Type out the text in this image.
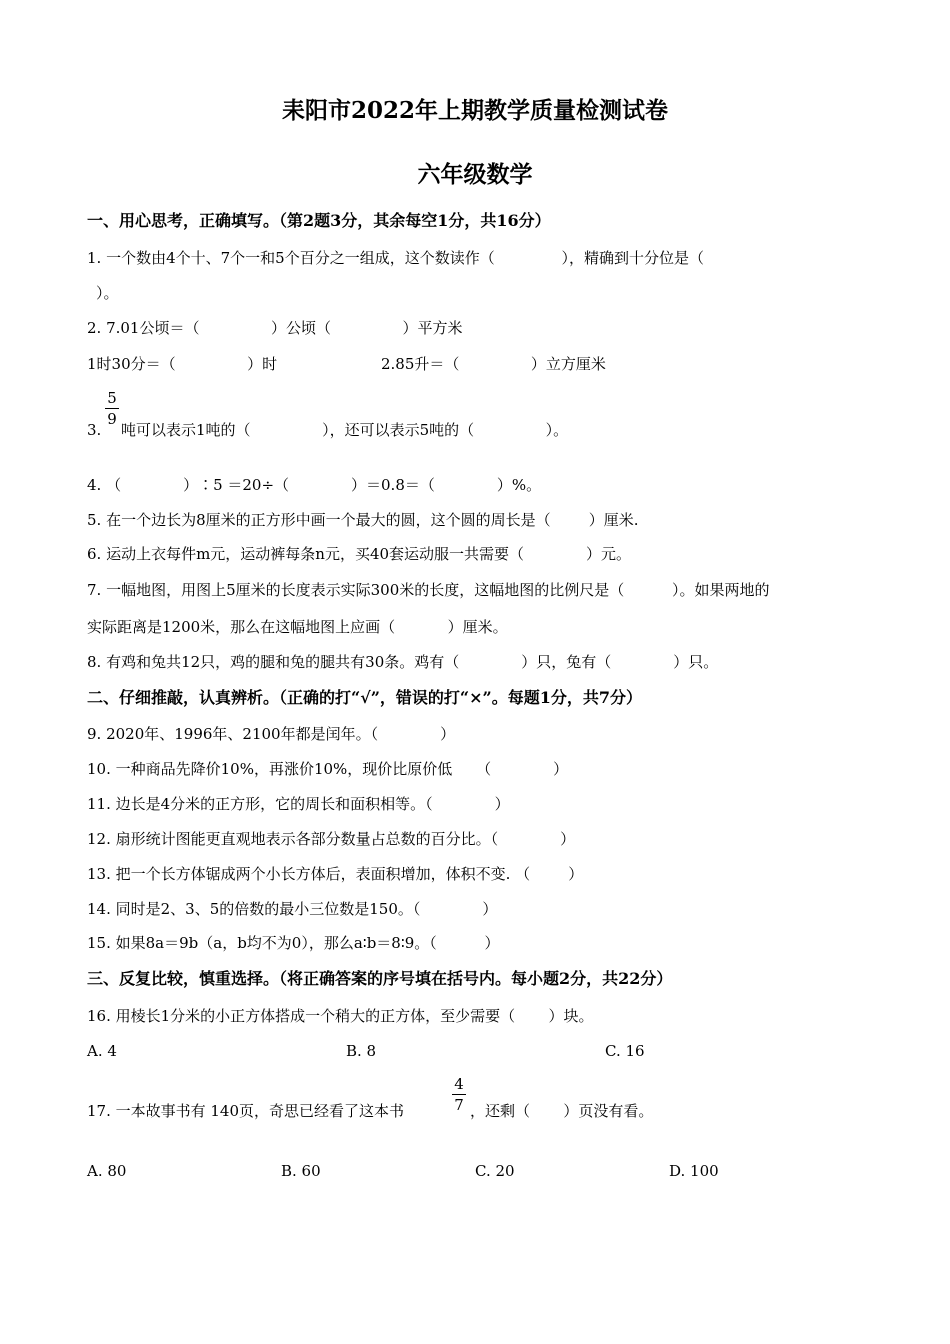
耒阳市2022年上期教学质量检测试卷
六年级数学
一、用心思考，正确填写。（第2题3分，其余每空1分，共16分）
1. 一个数由4个十、7个一和5个百分之一组成，这个数读作（              ），精确到十分位是（
）。
2. 7.01公顷＝（               ）公顷（               ）平方米
1时30分＝（               ）时	2.85升＝（               ）立方厘米
3.
5
9
吨可以表示1吨的（               ），还可以表示5吨的（               ）。
4. （             ）∶5 ＝20÷（             ）＝0.8＝（             ）%。
5. 在一个边长为8厘米的正方形中画一个最大的圆，这个圆的周长是（        ）厘米.
6. 运动上衣每件m元，运动裤每条n元，买40套运动服一共需要（             ）元。
7. 一幅地图，用图上5厘米的长度表示实际300米的长度，这幅地图的比例尺是（          ）。如果两地的
实际距离是1200米，那么在这幅地图上应画（           ）厘米。
8. 有鸡和兔共12只，鸡的腿和兔的腿共有30条。鸡有（             ）只，兔有（             ）只。
二、仔细推敲，认真辨析。（正确的打“√”，错误的打“×”。每题1分，共7分）
9. 2020年、1996年、2100年都是闰年。（             ）
10. 一种商品先降价10%，再涨价10%，现价比原价低     （             ）
11. 边长是4分米的正方形，它的周长和面积相等。（             ）
12. 扇形统计图能更直观地表示各部分数量占总数的百分比。（             ）
13. 把一个长方体锯成两个小长方体后，表面积增加，体积不变. （        ）
14. 同时是2、3、5的倍数的最小三位数是150。（             ）
15. 如果8a＝9b（a，b均不为0），那么a∶b＝8∶9。（          ）
三、反复比较，慎重选择。（将正确答案的序号填在括号内。每小题2分，共22分）
16. 用棱长1分米的小正方体搭成一个稍大的正方体，至少需要（       ）块。
A. 4	B. 8	C. 16
17. 一本故事书有 140页，奇思已经看了这本书
4
7 ，还剩（       ）页没有看。
A. 80	B. 60	C. 20	D. 100
